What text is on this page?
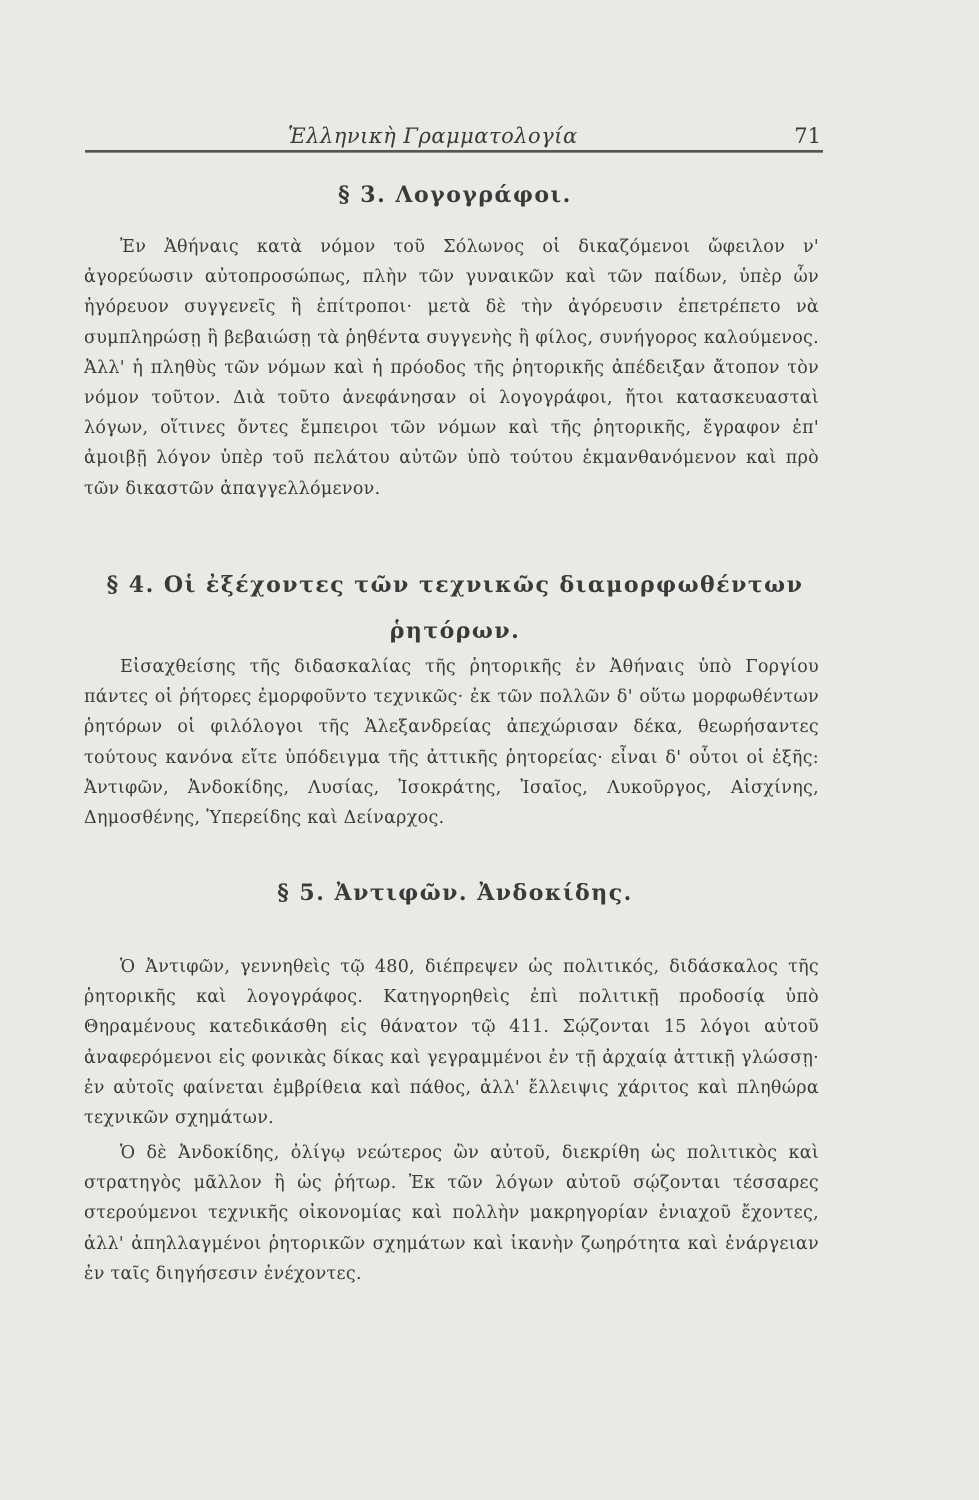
Ἑλληνικὴ Γραμματολογία	71
§ 3. Λογογράφοι.
Ἐν Ἀθήναις κατὰ νόμον τοῦ Σόλωνος οἱ δικαζόμενοι ὤφειλον ν' ἀγορεύωσιν αὐτοπροσώπως, πλὴν τῶν γυναικῶν καὶ τῶν παίδων, ὑπὲρ ὧν ἠγόρευον συγγενεῖς ἢ ἐπίτροποι· μετὰ δὲ τὴν ἀγόρευσιν ἐπετρέπετο νὰ συμπληρώσῃ ἢ βεβαιώσῃ τὰ ῥηθέντα συγγενὴς ἢ φίλος, συνήγορος καλούμενος. Ἀλλ' ἡ πληθὺς τῶν νόμων καὶ ἡ πρόοδος τῆς ῥητορικῆς ἀπέδειξαν ἄτοπον τὸν νόμον τοῦτον. Διὰ τοῦτο ἀνεφάνησαν οἱ λογογράφοι, ἤτοι κατασκευασταὶ λόγων, οἵτινες ὄντες ἔμπειροι τῶν νόμων καὶ τῆς ῥητορικῆς, ἔγραφον ἐπ' ἀμοιβῇ λόγον ὑπὲρ τοῦ πελάτου αὐτῶν ὑπὸ τούτου ἐκμανθανόμενον καὶ πρὸ τῶν δικαστῶν ἀπαγγελλόμενον.
§ 4. Οἱ ἐξέχοντες τῶν τεχνικῶς διαμορφωθέντων
ῥητόρων.
Εἰσαχθείσης τῆς διδασκαλίας τῆς ῥητορικῆς ἐν Ἀθήναις ὑπὸ Γοργίου πάντες οἱ ῥήτορες ἐμορφοῦντο τεχνικῶς· ἐκ τῶν πολλῶν δ' οὕτω μορφωθέντων ῥητόρων οἱ φιλόλογοι τῆς Ἀλεξανδρείας ἀπεχώρισαν δέκα, θεωρήσαντες τούτους κανόνα εἴτε ὑπόδειγμα τῆς ἀττικῆς ῥητορείας· εἶναι δ' οὗτοι οἱ ἑξῆς: Ἀντιφῶν, Ἀνδοκίδης, Λυσίας, Ἰσοκράτης, Ἰσαῖος, Λυκοῦργος, Αἰσχίνης, Δημοσθένης, Ὑπερείδης καὶ Δείναρχος.
§ 5. Ἀντιφῶν. Ἀνδοκίδης.
Ὁ Ἀντιφῶν, γεννηθεὶς τῷ 480, διέπρεψεν ὡς πολιτικός, διδάσκαλος τῆς ῥητορικῆς καὶ λογογράφος. Κατηγορηθεὶς ἐπὶ πολιτικῇ προδοσίᾳ ὑπὸ Θηραμένους κατεδικάσθη εἰς θάνατον τῷ 411. Σῴζονται 15 λόγοι αὐτοῦ ἀναφερόμενοι εἰς φονικὰς δίκας καὶ γεγραμμένοι ἐν τῇ ἀρχαίᾳ ἀττικῇ γλώσσῃ· ἐν αὐτοῖς φαίνεται ἐμβρίθεια καὶ πάθος, ἀλλ' ἔλλειψις χάριτος καὶ πληθώρα τεχνικῶν σχημάτων.
Ὁ δὲ Ἀνδοκίδης, ὀλίγῳ νεώτερος ὢν αὐτοῦ, διεκρίθη ὡς πολιτικὸς καὶ στρατηγὸς μᾶλλον ἢ ὡς ῥήτωρ. Ἐκ τῶν λόγων αὐτοῦ σῴζονται τέσσαρες στερούμενοι τεχνικῆς οἰκονομίας καὶ πολλὴν μακρηγορίαν ἐνιαχοῦ ἔχοντες, ἀλλ' ἀπηλλαγμένοι ῥητορικῶν σχημάτων καὶ ἱκανὴν ζωηρότητα καὶ ἐνάργειαν ἐν ταῖς διηγήσεσιν ἐνέχοντες.
